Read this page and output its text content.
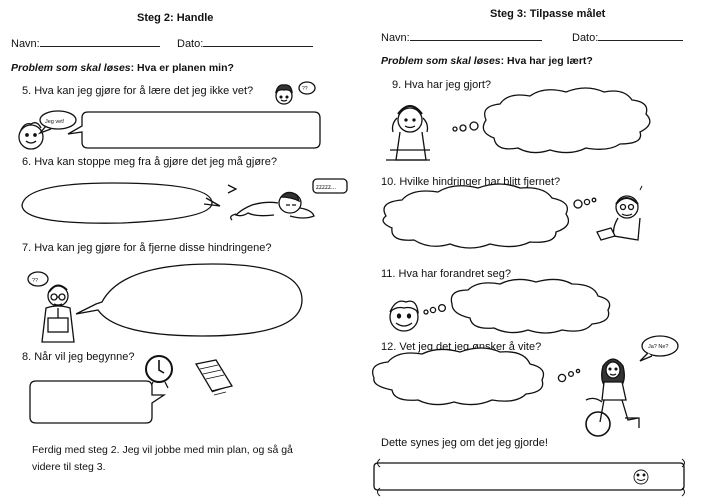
Steg 2: Handle
Navn:	Dato:
Problem som skal løses: Hva er planen min?
5. Hva kan jeg gjøre for å lære det jeg ikke vet?
6. Hva kan stoppe meg fra å gjøre det jeg må gjøre?
7. Hva kan jeg gjøre for å fjerne disse hindringene?
8. Når vil jeg begynne?
Ferdig med steg 2. Jeg vil jobbe med min plan, og så gå videre til steg 3.
Steg 3: Tilpasse målet
Navn:	Dato:
Problem som skal løses: Hva har jeg lært?
9. Hva har jeg gjort?
10. Hvilke hindringer har blitt fjernet?
11. Hva har forandret seg?
12. Vet jeg det jeg ønsker å vite?
Dette synes jeg om det jeg gjorde!
Jeg vet!
??
zzzzz...
??
Ja? Ne?
